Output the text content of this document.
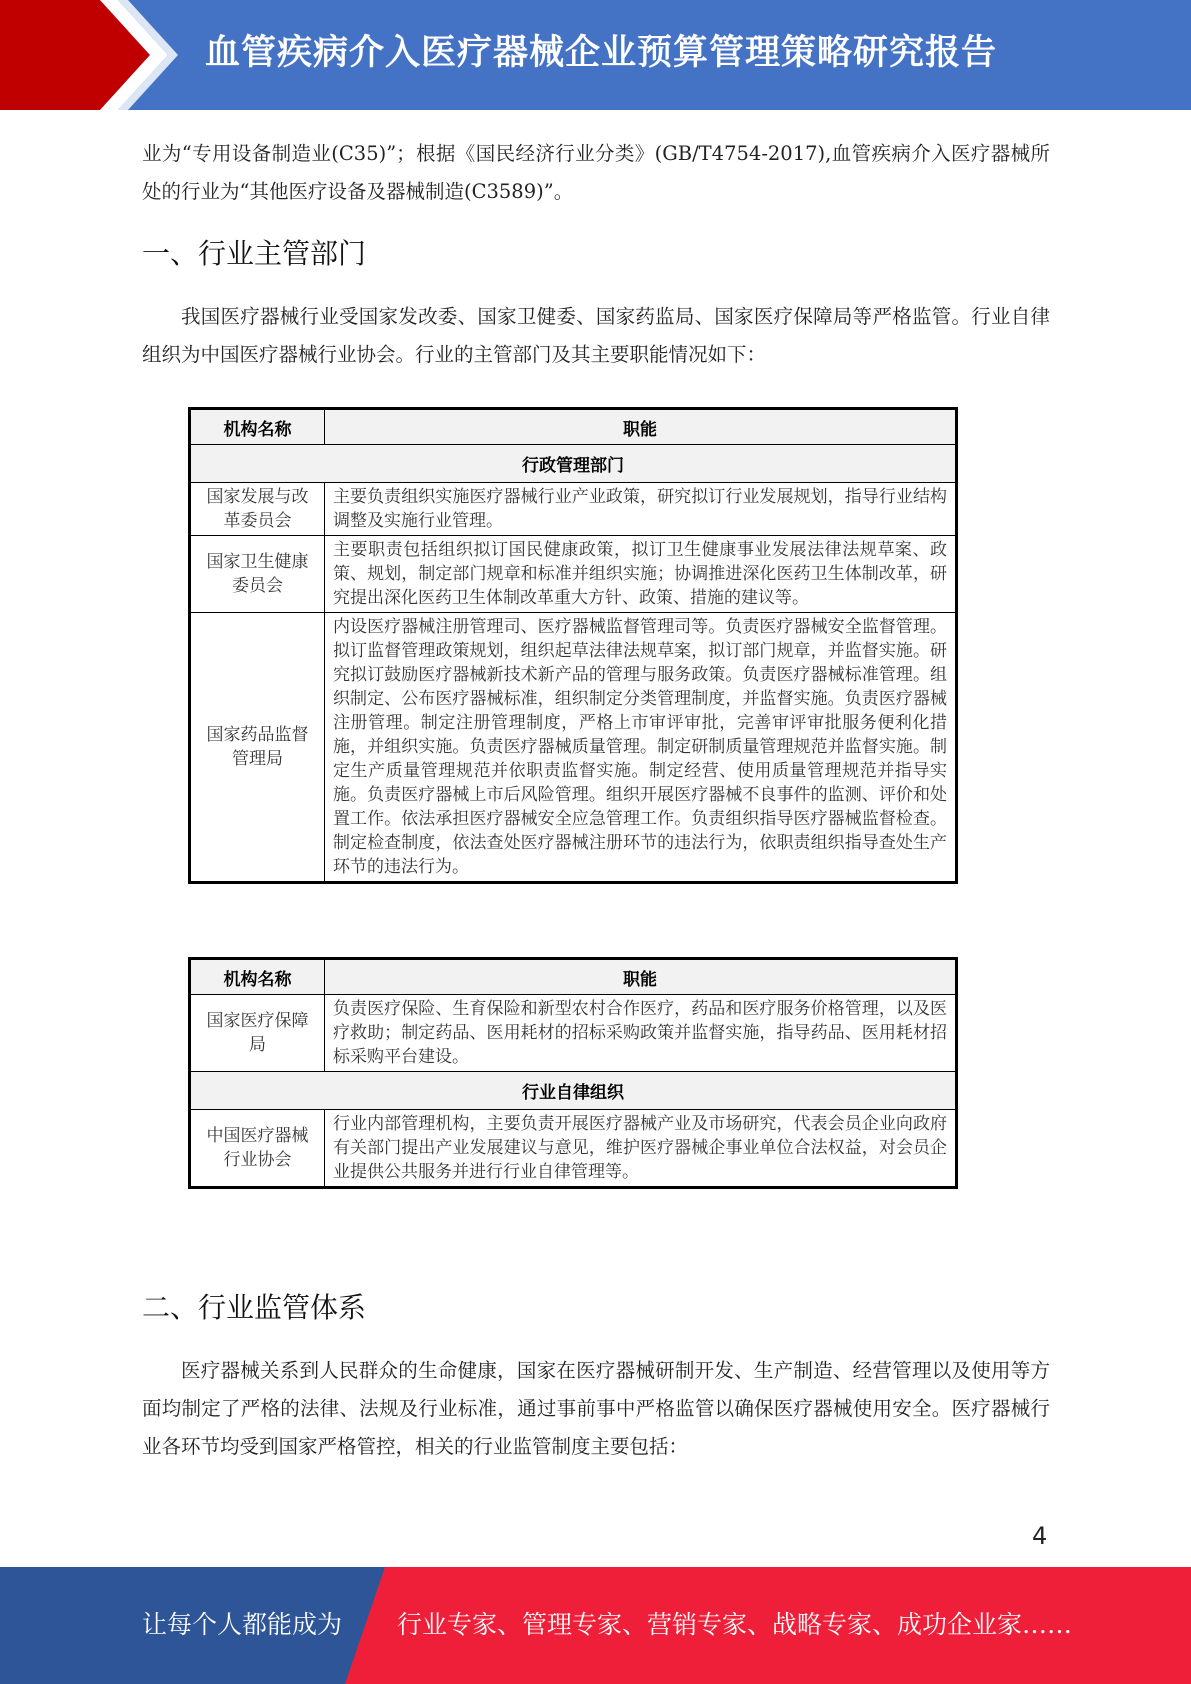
血管疾病介入医疗器械企业预算管理策略研究报告

业为“专用设备制造业(C35)”；根据《国民经济行业分类》(GB/T4754-2017),血管疾病介入医疗器械所处的行业为“其他医疗设备及器械制造(C3589)”。

一、行业主管部门

我国医疗器械行业受国家发改委、国家卫健委、国家药监局、国家医疗保障局等严格监管。行业自律组织为中国医疗器械行业协会。行业的主管部门及其主要职能情况如下：

机构名称	职能
行政管理部门	
国家发展与改革委员会	主要负责组织实施医疗器械行业产业政策，研究拟订行业发展规划，指导行业结构调整及实施行业管理。
国家卫生健康委员会	主要职责包括组织拟订国民健康政策，拟订卫生健康事业发展法律法规草案、政策、规划，制定部门规章和标准并组织实施；协调推进深化医药卫生体制改革，研究提出深化医药卫生体制改革重大方针、政策、措施的建议等。
国家药品监督管理局	内设医疗器械注册管理司、医疗器械监督管理司等。负责医疗器械安全监督管理。拟订监督管理政策规划，组织起草法律法规草案，拟订部门规章，并监督实施。研究拟订鼓励医疗器械新技术新产品的管理与服务政策。负责医疗器械标准管理。组织制定、公布医疗器械标准，组织制定分类管理制度，并监督实施。负责医疗器械注册管理。制定注册管理制度，严格上市审评审批，完善审评审批服务便利化措施，并组织实施。负责医疗器械质量管理。制定研制质量管理规范并监督实施。制定生产质量管理规范并依职责监督实施。制定经营、使用质量管理规范并指导实施。负责医疗器械上市后风险管理。组织开展医疗器械不良事件的监测、评价和处置工作。依法承担医疗器械安全应急管理工作。负责组织指导医疗器械监督检查。制定检查制度，依法查处医疗器械注册环节的违法行为，依职责组织指导查处生产环节的违法行为。
机构名称	职能
国家医疗保障局	负责医疗保险、生育保险和新型农村合作医疗，药品和医疗服务价格管理，以及医疗救助；制定药品、医用耗材的招标采购政策并监督实施，指导药品、医用耗材招标采购平台建设。
行业自律组织	
中国医疗器械行业协会	行业内部管理机构，主要负责开展医疗器械产业及市场研究，代表会员企业向政府有关部门提出产业发展建议与意见，维护医疗器械企事业单位合法权益，对会员企业提供公共服务并进行行业自律管理等。
二、行业监管体系

医疗器械关系到人民群众的生命健康，国家在医疗器械研制开发、生产制造、经营管理以及使用等方面均制定了严格的法律、法规及行业标准，通过事前事中严格监管以确保医疗器械使用安全。医疗器械行业各环节均受到国家严格管控，相关的行业监管制度主要包括：

4
让每个人都能成为 行业专家、管理专家、营销专家、战略专家、成功企业家……
